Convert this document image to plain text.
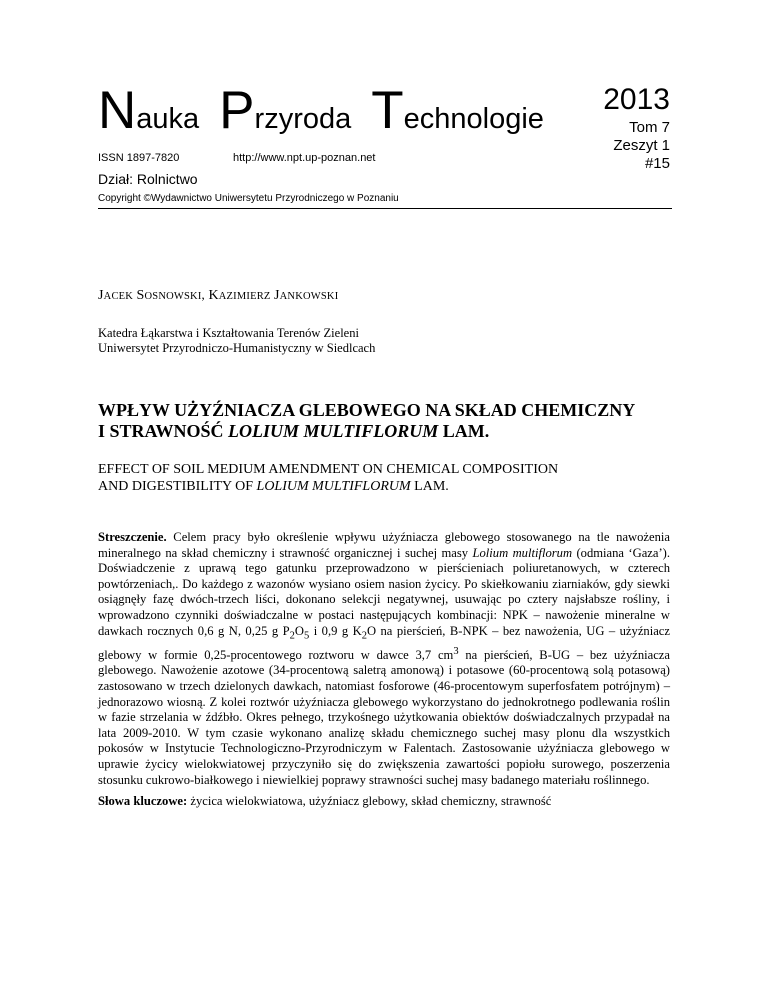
Nauka Przyroda Technologie
ISSN 1897-7820	http://www.npt.up-poznan.net
Dział: Rolnictwo
Copyright ©Wydawnictwo Uniwersytetu Przyrodniczego w Poznaniu
2013
Tom 7
Zeszyt 1
#15
JACEK SOSNOWSKI, KAZIMIERZ JANKOWSKI
Katedra Łąkarstwa i Kształtowania Terenów Zieleni
Uniwersytet Przyrodniczo-Humanistyczny w Siedlcach
WPŁYW UŻYŹNIACZA GLEBOWEGO NA SKŁAD CHEMICZNY
I STRAWNOŚĆ LOLIUM MULTIFLORUM LAM.
EFFECT OF SOIL MEDIUM AMENDMENT ON CHEMICAL COMPOSITION
AND DIGESTIBILITY OF LOLIUM MULTIFLORUM LAM.
Streszczenie. Celem pracy było określenie wpływu użyźniacza glebowego stosowanego na tle nawożenia mineralnego na skład chemiczny i strawność organicznej i suchej masy Lolium multiflorum (odmiana ‘Gaza’). Doświadczenie z uprawą tego gatunku przeprowadzono w pierścieniach poliuretanowych, w czterech powtórzeniach,. Do każdego z wazonów wysiano osiem nasion życicy. Po skiełkowaniu ziarniaków, gdy siewki osiągnęły fazę dwóch-trzech liści, dokonano selekcji negatywnej, usuwając po cztery najsłabsze rośliny, i wprowadzono czynniki doświadczalne w postaci następujących kombinacji: NPK – nawożenie mineralne w dawkach rocznych 0,6 g N, 0,25 g $P_2O_5$ i 0,9 g $K_2O$ na pierścień, B-NPK – bez nawożenia, UG – użyźniacz glebowy w formie 0,25-procentowego roztworu w dawce 3,7 $cm^3$ na pierścień, B-UG – bez użyźniacza glebowego. Nawożenie azotowe (34-procentową saletrą amonową) i potasowe (60-procentową solą potasową) zastosowano w trzech dzielonych dawkach, natomiast fosforowe (46-procentowym superfosfatem potrójnym) – jednorazowo wiosną. Z kolei roztwór użyźniacza glebowego wykorzystano do jednokrotnego podlewania roślin w fazie strzelania w źdźbło. Okres pełnego, trzykośnego użytkowania obiektów doświadczalnych przypadał na lata 2009-2010. W tym czasie wykonano analizę składu chemicznego suchej masy plonu dla wszystkich pokosów w Instytucie Technologiczno-Przyrodniczym w Falentach. Zastosowanie użyźniacza glebowego w uprawie życicy wielokwiatowej przyczyniło się do zwiększenia zawartości popiołu surowego, poszerzenia stosunku cukrowo-białkowego i niewielkiej poprawy strawności suchej masy badanego materiału roślinnego.
Słowa kluczowe: życica wielokwiatowa, użyźniacz glebowy, skład chemiczny, strawność
